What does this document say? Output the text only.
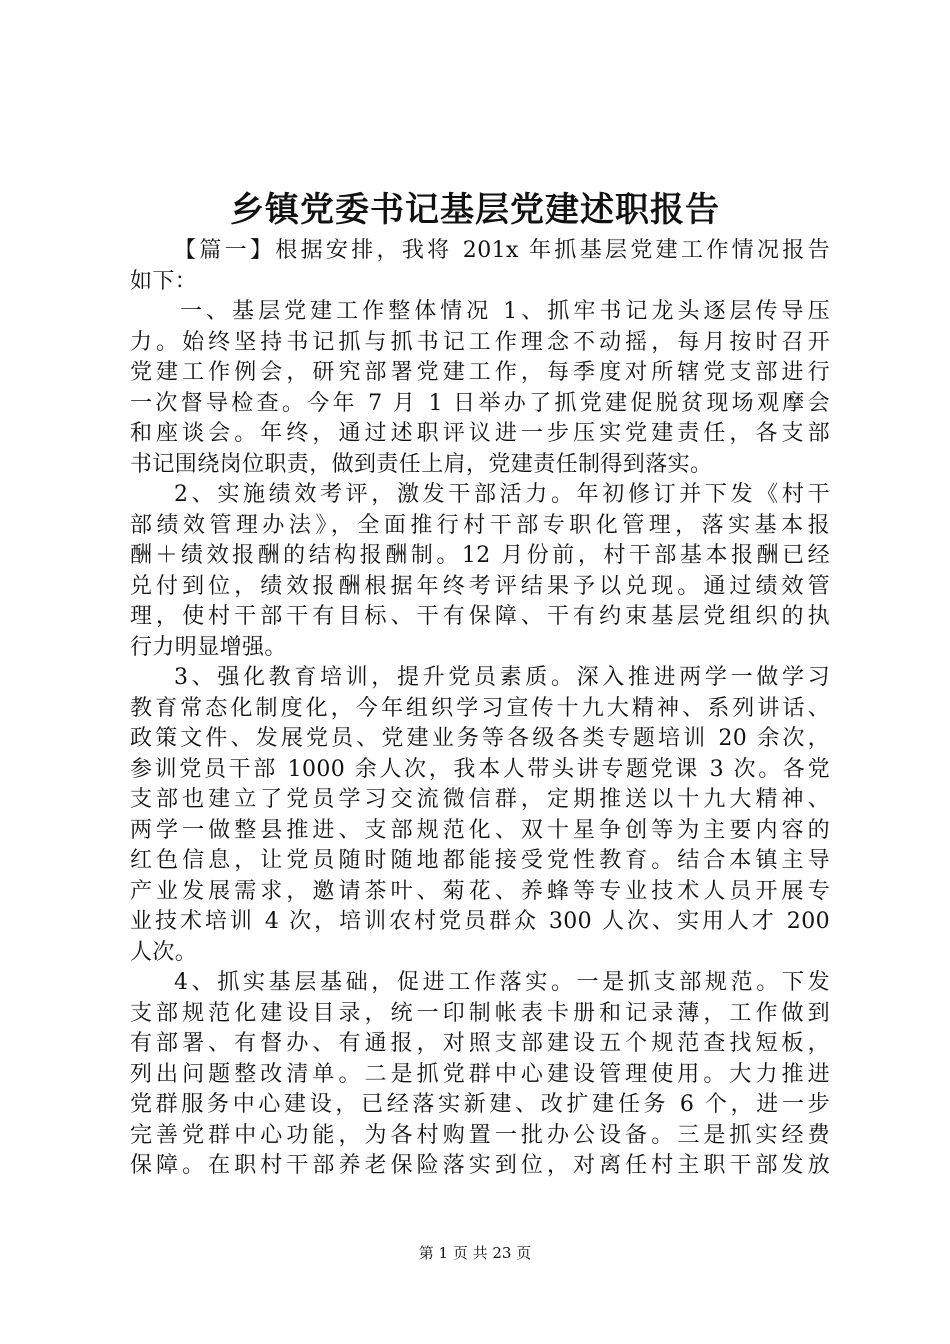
乡镇党委书记基层党建述职报告
【篇一】根据安排，我将 201x 年抓基层党建工作情况报告
如下：
一、基层党建工作整体情况 1、抓牢书记龙头逐层传导压
力。始终坚持书记抓与抓书记工作理念不动摇，每月按时召开
党建工作例会，研究部署党建工作，每季度对所辖党支部进行
一次督导检查。今年 7 月 1 日举办了抓党建促脱贫现场观摩会
和座谈会。年终，通过述职评议进一步压实党建责任，各支部
书记围绕岗位职责，做到责任上肩，党建责任制得到落实。
2、实施绩效考评，激发干部活力。年初修订并下发《村干
部绩效管理办法》，全面推行村干部专职化管理，落实基本报
酬＋绩效报酬的结构报酬制。12 月份前，村干部基本报酬已经
兑付到位，绩效报酬根据年终考评结果予以兑现。通过绩效管
理，使村干部干有目标、干有保障、干有约束基层党组织的执
行力明显增强。
3、强化教育培训，提升党员素质。深入推进两学一做学习
教育常态化制度化，今年组织学习宣传十九大精神、系列讲话、
政策文件、发展党员、党建业务等各级各类专题培训 20 余次，
参训党员干部 1000 余人次，我本人带头讲专题党课 3 次。各党
支部也建立了党员学习交流微信群，定期推送以十九大精神、
两学一做整县推进、支部规范化、双十星争创等为主要内容的
红色信息，让党员随时随地都能接受党性教育。结合本镇主导
产业发展需求，邀请茶叶、菊花、养蜂等专业技术人员开展专
业技术培训 4 次，培训农村党员群众 300 人次、实用人才 200
人次。
4、抓实基层基础，促进工作落实。一是抓支部规范。下发
支部规范化建设目录，统一印制帐表卡册和记录薄，工作做到
有部署、有督办、有通报，对照支部建设五个规范查找短板，
列出问题整改清单。二是抓党群中心建设管理使用。大力推进
党群服务中心建设，已经落实新建、改扩建任务 6 个，进一步
完善党群中心功能，为各村购置一批办公设备。三是抓实经费
保障。在职村干部养老保险落实到位，对离任村主职干部发放
第 1 页 共 23 页
